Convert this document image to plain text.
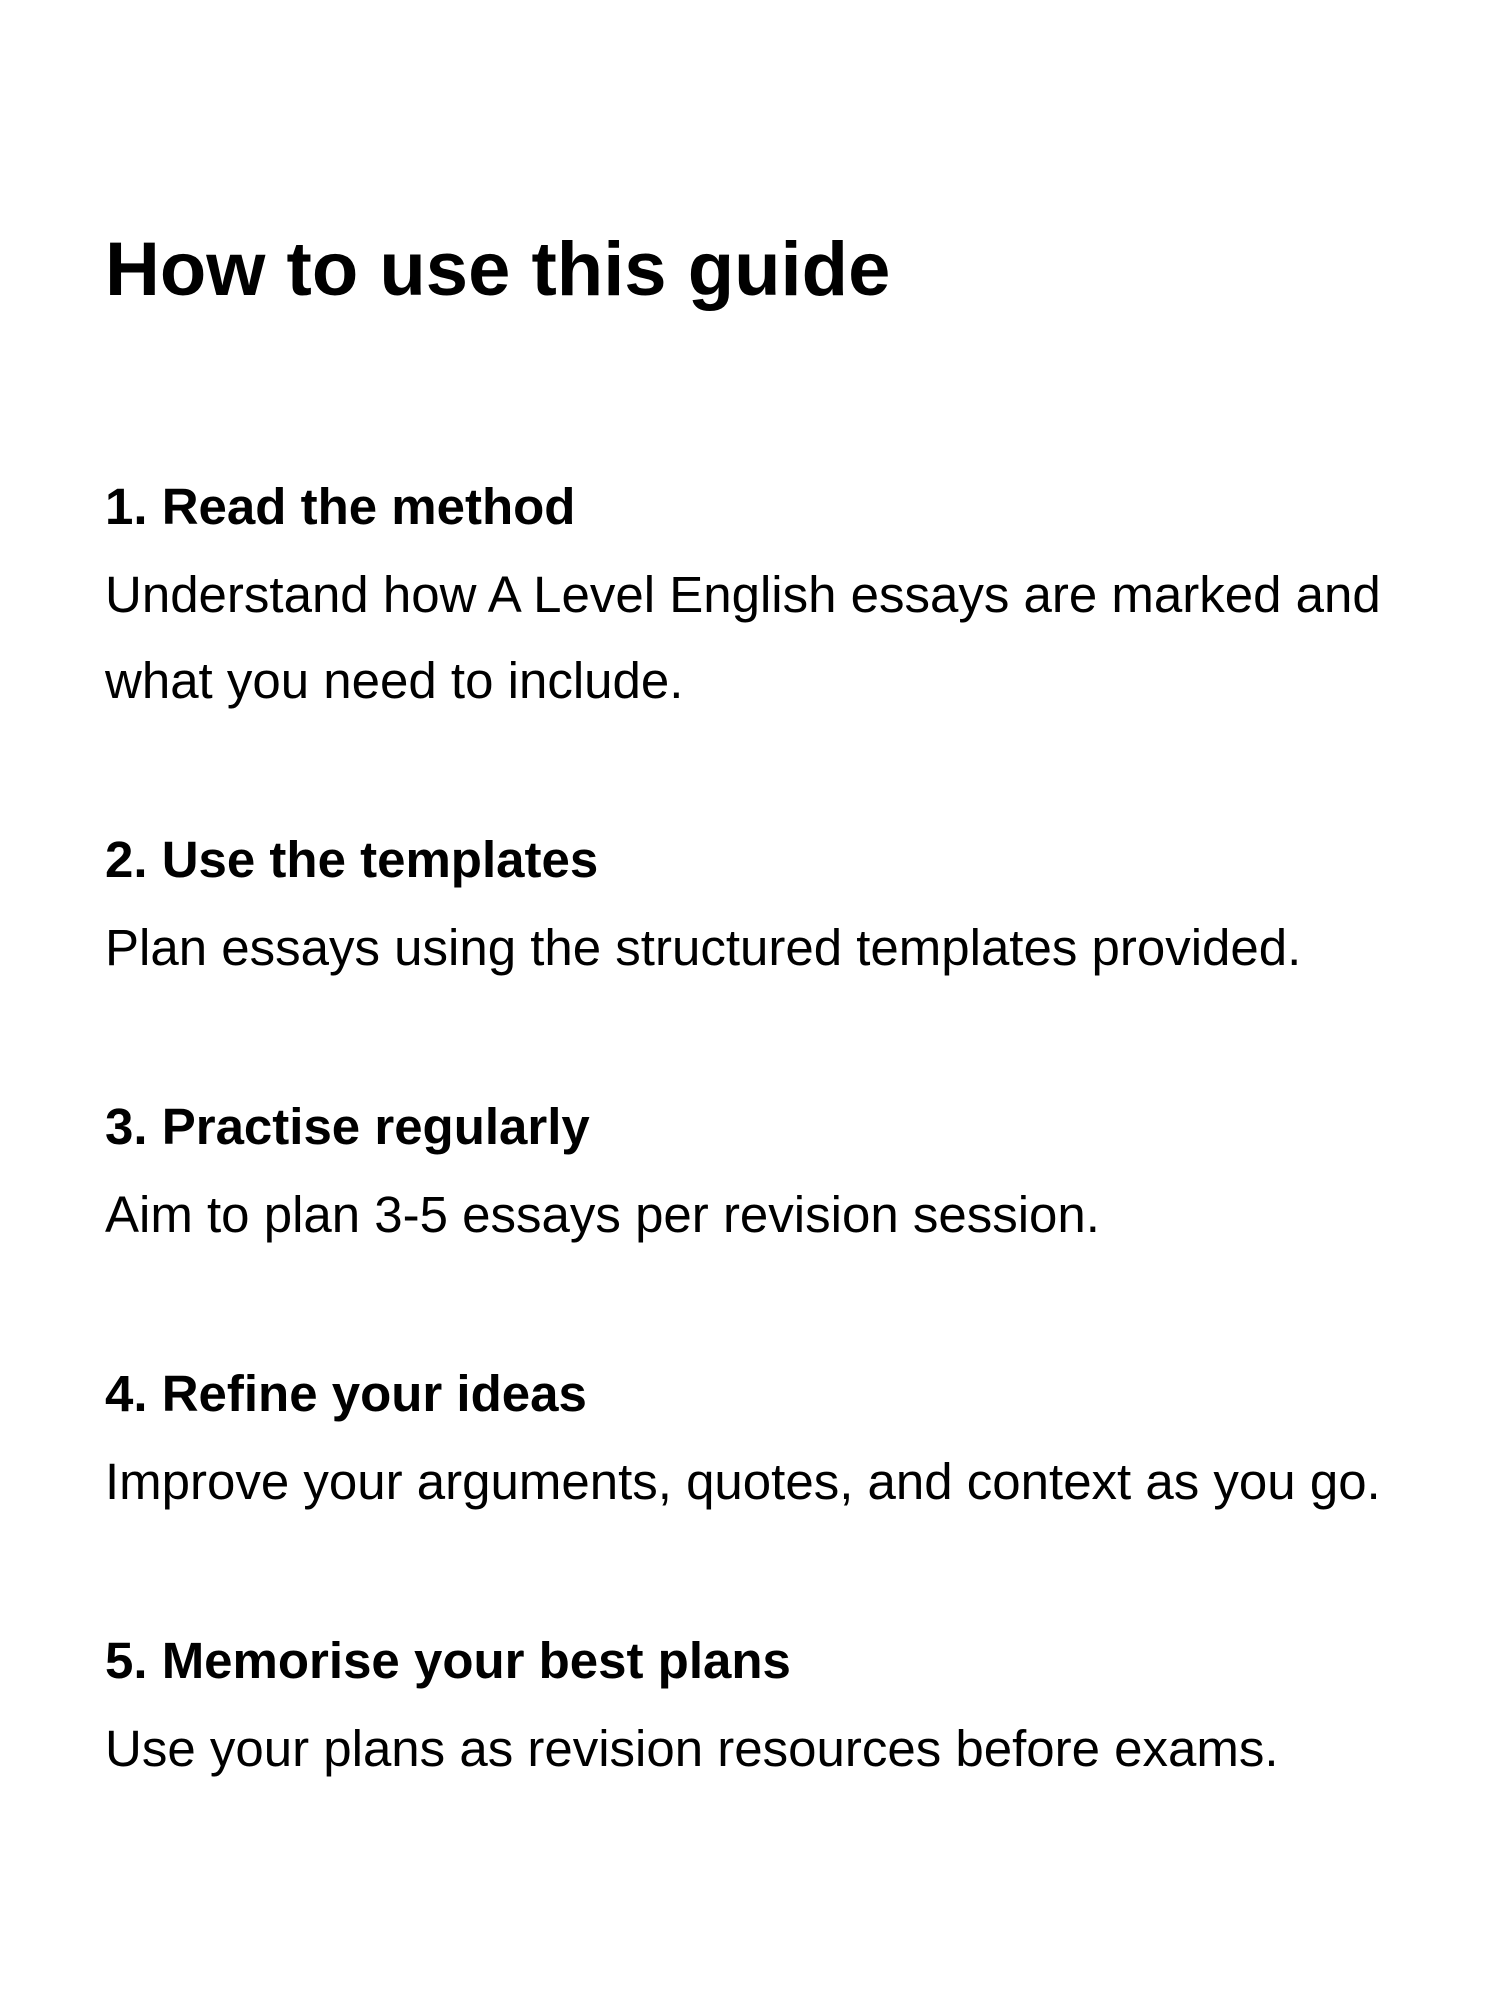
How to use this guide
1. Read the method

Understand how A Level English essays are marked and what you need to include.

2. Use the templates

Plan essays using the structured templates provided.

3. Practise regularly

Aim to plan 3-5 essays per revision session.

4. Refine your ideas

Improve your arguments, quotes, and context as you go.

5. Memorise your best plans

Use your plans as revision resources before exams.
